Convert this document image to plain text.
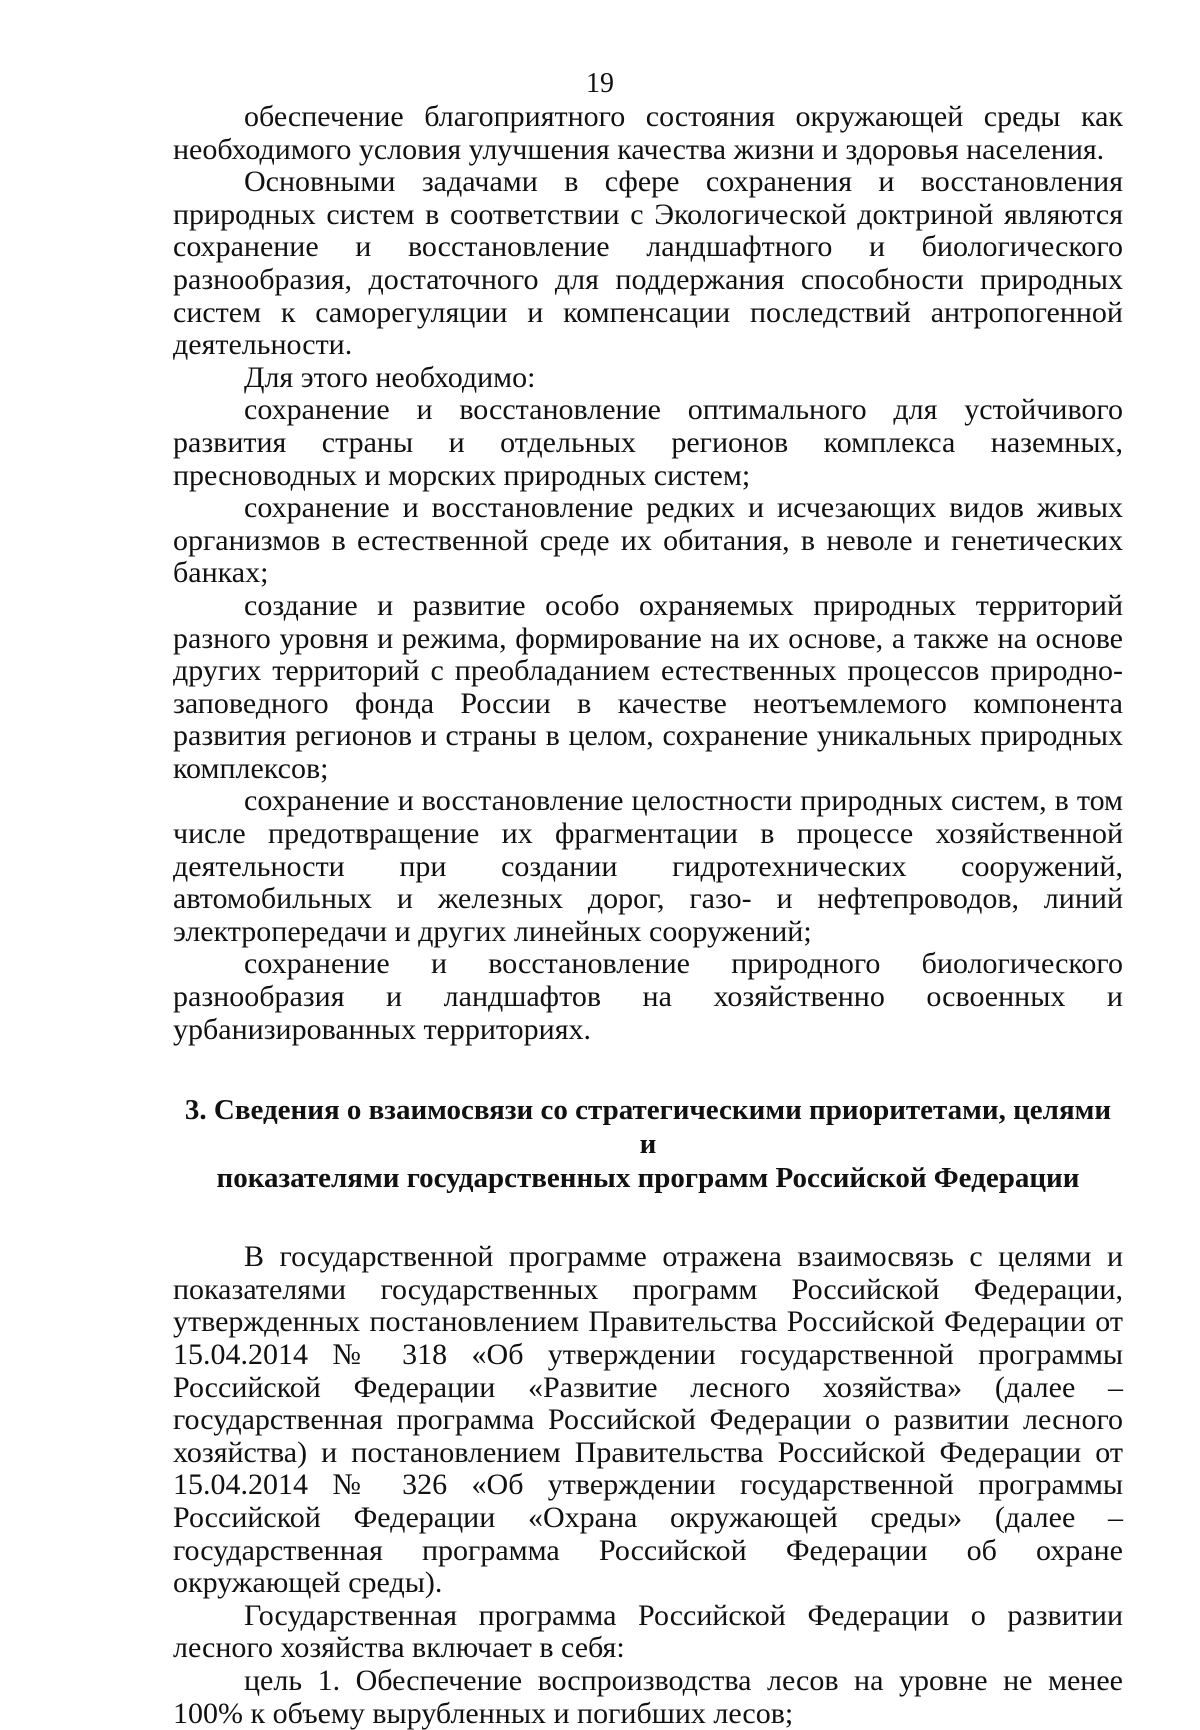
19

обеспечение благоприятного состояния окружающей среды как необходимого условия улучшения качества жизни и здоровья населения.

Основными задачами в сфере сохранения и восстановления природных систем в соответствии с Экологической доктриной являются сохранение и восстановление ландшафтного и биологического разнообразия, достаточного для поддержания способности природных систем к саморегуляции и компенсации последствий антропогенной деятельности.

Для этого необходимо:

сохранение и восстановление оптимального для устойчивого развития страны и отдельных регионов комплекса наземных, пресноводных и морских природных систем;

сохранение и восстановление редких и исчезающих видов живых организмов в естественной среде их обитания, в неволе и генетических банках;

создание и развитие особо охраняемых природных территорий разного уровня и режима, формирование на их основе, а также на основе других территорий с преобладанием естественных процессов природно-заповедного фонда России в качестве неотъемлемого компонента развития регионов и страны в целом, сохранение уникальных природных комплексов;

сохранение и восстановление целостности природных систем, в том числе предотвращение их фрагментации в процессе хозяйственной деятельности при создании гидротехнических сооружений, автомобильных и железных дорог, газо- и нефтепроводов, линий электропередачи и других линейных сооружений;

сохранение и восстановление природного биологического разнообразия и ландшафтов на хозяйственно освоенных и урбанизированных территориях.

3. Сведения о взаимосвязи со стратегическими приоритетами, целями и
показателями государственных программ Российской Федерации

В государственной программе отражена взаимосвязь с целями и показателями государственных программ Российской Федерации, утвержденных постановлением Правительства Российской Федерации от 15.04.2014 № 318 «Об утверждении государственной программы Российской Федерации «Развитие лесного хозяйства» (далее – государственная программа Российской Федерации о развитии лесного хозяйства) и постановлением Правительства Российской Федерации от 15.04.2014 № 326 «Об утверждении государственной программы Российской Федерации «Охрана окружающей среды» (далее – государственная программа Российской Федерации об охране окружающей среды).

Государственная программа Российской Федерации о развитии лесного хозяйства включает в себя:

цель 1. Обеспечение воспроизводства лесов на уровне не менее 100% к объему вырубленных и погибших лесов;
